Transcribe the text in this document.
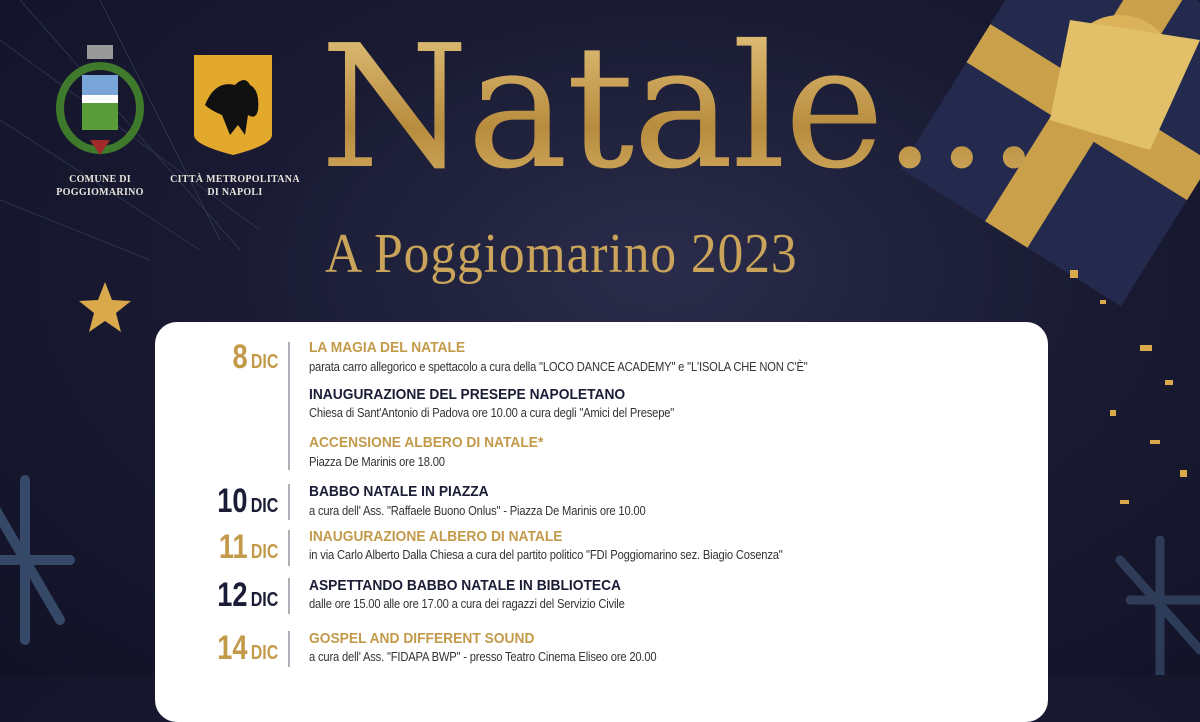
COMUNE DI
POGGIOMARINO
CITTÀ METROPOLITANA
DI NAPOLI Natale...
A Poggiomarino 2023
8 DIC
LA MAGIA DEL NATALE
parata carro allegorico e spettacolo a cura della "LOCO DANCE ACADEMY" e "L'ISOLA CHE NON C'È"
INAUGURAZIONE DEL PRESEPE NAPOLETANO
Chiesa di Sant'Antonio di Padova ore 10.00 a cura degli "Amici del Presepe"
ACCENSIONE ALBERO DI NATALE*
Piazza De Marinis ore 18.00
10 DIC
BABBO NATALE IN PIAZZA
a cura dell' Ass. "Raffaele Buono Onlus" - Piazza De Marinis ore 10.00
11 DIC
INAUGURAZIONE ALBERO DI NATALE
in via Carlo Alberto Dalla Chiesa a cura del partito politico "FDI Poggiomarino sez. Biagio Cosenza"
12 DIC
ASPETTANDO BABBO NATALE IN BIBLIOTECA
dalle ore 15.00 alle ore 17.00 a cura dei ragazzi del Servizio Civile
14 DIC
GOSPEL AND DIFFERENT SOUND
a cura dell' Ass. "FIDAPA BWP" - presso Teatro Cinema Eliseo ore 20.00
